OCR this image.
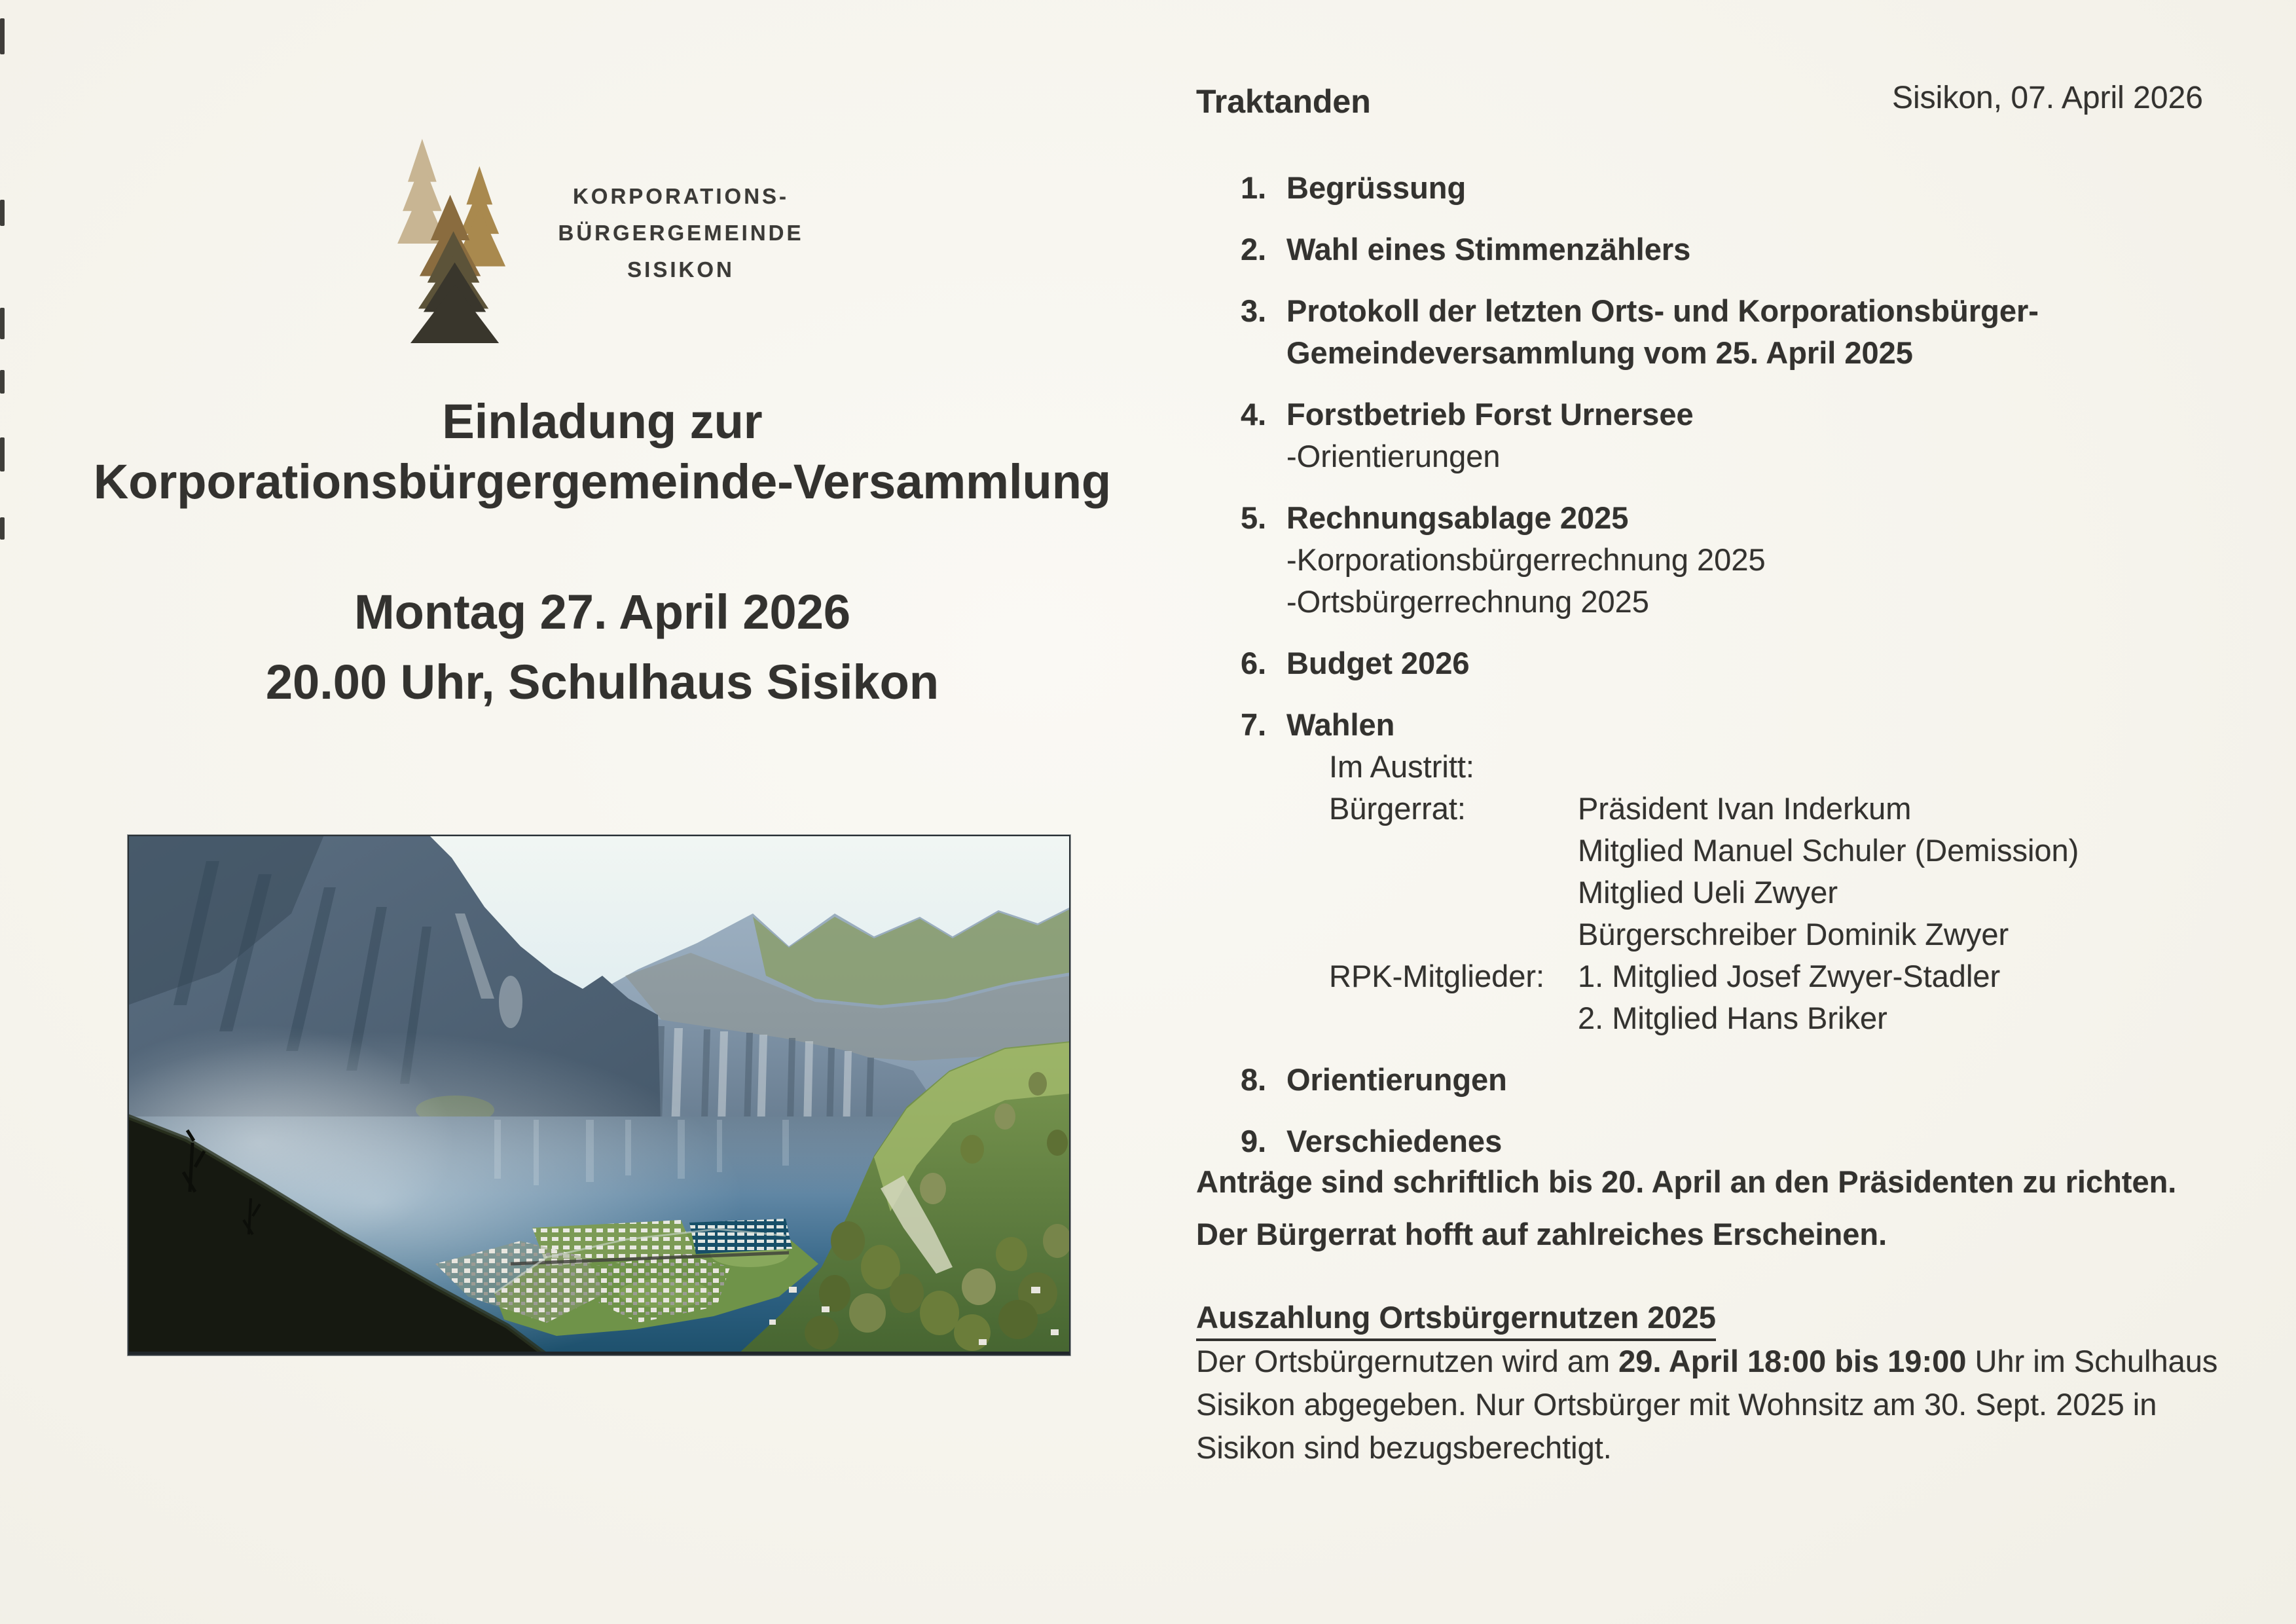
KORPORATIONS-
BÜRGERGEMEINDE
SISIKON
Einladung zur
Korporationsbürgergemeinde-Versammlung
Montag 27. April 2026
20.00 Uhr, Schulhaus Sisikon
Traktanden	Sisikon, 07. April 2026
1. Begrüssung
2. Wahl eines Stimmenzählers
3. Protokoll der letzten Orts- und Korporationsbürger-
Gemeindeversammlung vom 25. April 2025
4. Forstbetrieb Forst Urnersee
-Orientierungen
5. Rechnungsablage 2025
-Korporationsbürgerrechnung 2025
-Ortsbürgerrechnung 2025
6. Budget 2026
7. Wahlen
Im Austritt:
Bürgerrat:	Präsident Ivan Inderkum
Mitglied Manuel Schuler (Demission)
Mitglied Ueli Zwyer
Bürgerschreiber Dominik Zwyer
RPK-Mitglieder: 1. Mitglied Josef Zwyer-Stadler
2. Mitglied Hans Briker
8. Orientierungen
9. Verschiedenes
Anträge sind schriftlich bis 20. April an den Präsidenten zu richten.
Der Bürgerrat hofft auf zahlreiches Erscheinen.
Auszahlung Ortsbürgernutzen 2025
Der Ortsbürgernutzen wird am 29. April 18:00 bis 19:00 Uhr im Schulhaus
Sisikon abgegeben. Nur Ortsbürger mit Wohnsitz am 30. Sept. 2025 in
Sisikon sind bezugsberechtigt.
